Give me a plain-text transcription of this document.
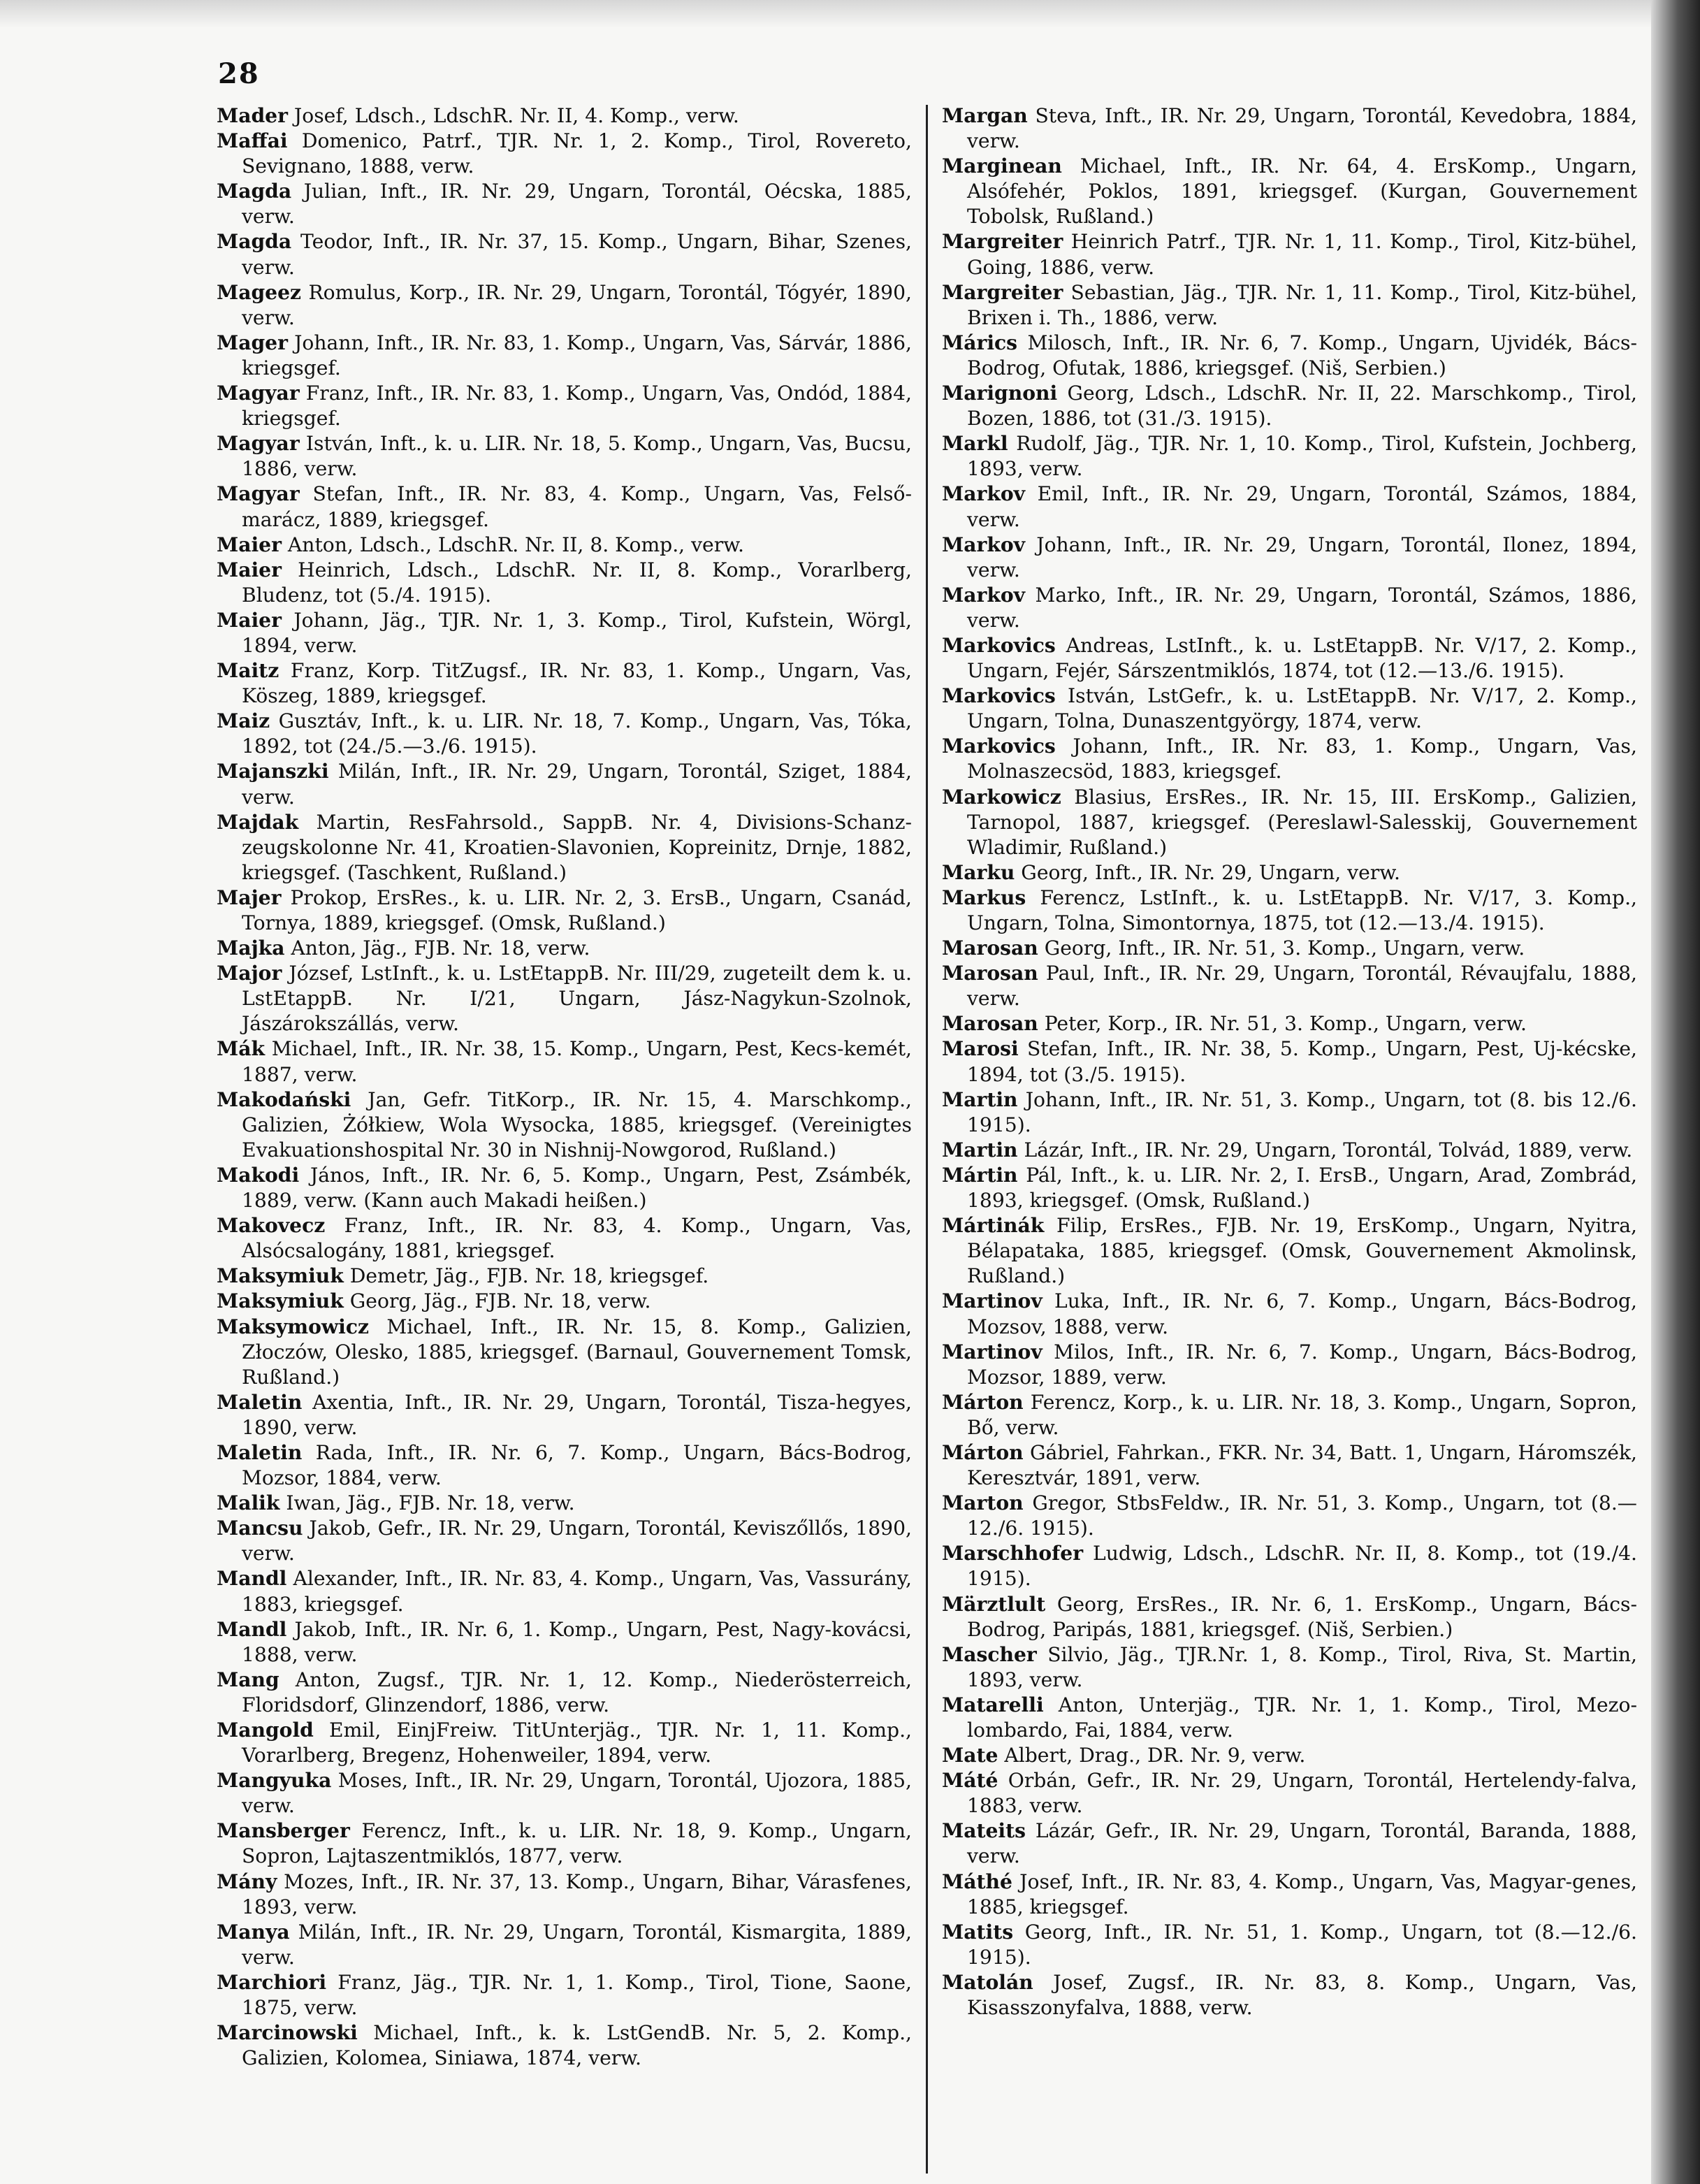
28
Mader Josef, Ldsch., LdschR. Nr. II, 4. Komp., verw.
Maffai Domenico, Patrf., TJR. Nr. 1, 2. Komp., Tirol, Rovereto, Sevignano, 1888, verw.
Magda Julian, Inft., IR. Nr. 29, Ungarn, Torontál, Oécska, 1885, verw.
Magda Teodor, Inft., IR. Nr. 37, 15. Komp., Ungarn, Bihar, Szenes, verw.
Mageez Romulus, Korp., IR. Nr. 29, Ungarn, Torontál, Tógyér, 1890, verw.
Mager Johann, Inft., IR. Nr. 83, 1. Komp., Ungarn, Vas, Sárvár, 1886, kriegsgef.
Magyar Franz, Inft., IR. Nr. 83, 1. Komp., Ungarn, Vas, Ondód, 1884, kriegsgef.
Magyar István, Inft., k. u. LIR. Nr. 18, 5. Komp., Ungarn, Vas, Bucsu, 1886, verw.
Magyar Stefan, Inft., IR. Nr. 83, 4. Komp., Ungarn, Vas, Felső-marácz, 1889, kriegsgef.
Maier Anton, Ldsch., LdschR. Nr. II, 8. Komp., verw.
Maier Heinrich, Ldsch., LdschR. Nr. II, 8. Komp., Vorarlberg, Bludenz, tot (5./4. 1915).
Maier Johann, Jäg., TJR. Nr. 1, 3. Komp., Tirol, Kufstein, Wörgl, 1894, verw.
Maitz Franz, Korp. TitZugsf., IR. Nr. 83, 1. Komp., Ungarn, Vas, Köszeg, 1889, kriegsgef.
Maiz Gusztáv, Inft., k. u. LIR. Nr. 18, 7. Komp., Ungarn, Vas, Tóka, 1892, tot (24./5.—3./6. 1915).
Majanszki Milán, Inft., IR. Nr. 29, Ungarn, Torontál, Sziget, 1884, verw.
Majdak Martin, ResFahrsold., SappB. Nr. 4, Divisions-Schanz-zeugskolonne Nr. 41, Kroatien-Slavonien, Kopreinitz, Drnje, 1882, kriegsgef. (Taschkent, Rußland.)
Majer Prokop, ErsRes., k. u. LIR. Nr. 2, 3. ErsB., Ungarn, Csanád, Tornya, 1889, kriegsgef. (Omsk, Rußland.)
Majka Anton, Jäg., FJB. Nr. 18, verw.
Major József, LstInft., k. u. LstEtappB. Nr. III/29, zugeteilt dem k. u. LstEtappB. Nr. I/21, Ungarn, Jász-Nagykun-Szolnok, Jászárokszállás, verw.
Mák Michael, Inft., IR. Nr. 38, 15. Komp., Ungarn, Pest, Kecs-kemét, 1887, verw.
Makodański Jan, Gefr. TitKorp., IR. Nr. 15, 4. Marschkomp., Galizien, Żółkiew, Wola Wysocka, 1885, kriegsgef. (Vereinigtes Evakuationshospital Nr. 30 in Nishnij-Nowgorod, Rußland.)
Makodi János, Inft., IR. Nr. 6, 5. Komp., Ungarn, Pest, Zsámbék, 1889, verw. (Kann auch Makadi heißen.)
Makovecz Franz, Inft., IR. Nr. 83, 4. Komp., Ungarn, Vas, Alsócsalogány, 1881, kriegsgef.
Maksymiuk Demetr, Jäg., FJB. Nr. 18, kriegsgef.
Maksymiuk Georg, Jäg., FJB. Nr. 18, verw.
Maksymowicz Michael, Inft., IR. Nr. 15, 8. Komp., Galizien, Złoczów, Olesko, 1885, kriegsgef. (Barnaul, Gouvernement Tomsk, Rußland.)
Maletin Axentia, Inft., IR. Nr. 29, Ungarn, Torontál, Tisza-hegyes, 1890, verw.
Maletin Rada, Inft., IR. Nr. 6, 7. Komp., Ungarn, Bács-Bodrog, Mozsor, 1884, verw.
Malik Iwan, Jäg., FJB. Nr. 18, verw.
Mancsu Jakob, Gefr., IR. Nr. 29, Ungarn, Torontál, Keviszőllős, 1890, verw.
Mandl Alexander, Inft., IR. Nr. 83, 4. Komp., Ungarn, Vas, Vassurány, 1883, kriegsgef.
Mandl Jakob, Inft., IR. Nr. 6, 1. Komp., Ungarn, Pest, Nagy-kovácsi, 1888, verw.
Mang Anton, Zugsf., TJR. Nr. 1, 12. Komp., Niederösterreich, Floridsdorf, Glinzendorf, 1886, verw.
Mangold Emil, EinjFreiw. TitUnterjäg., TJR. Nr. 1, 11. Komp., Vorarlberg, Bregenz, Hohenweiler, 1894, verw.
Mangyuka Moses, Inft., IR. Nr. 29, Ungarn, Torontál, Ujozora, 1885, verw.
Mansberger Ferencz, Inft., k. u. LIR. Nr. 18, 9. Komp., Ungarn, Sopron, Lajtaszentmiklós, 1877, verw.
Mány Mozes, Inft., IR. Nr. 37, 13. Komp., Ungarn, Bihar, Várasfenes, 1893, verw.
Manya Milán, Inft., IR. Nr. 29, Ungarn, Torontál, Kismargita, 1889, verw.
Marchiori Franz, Jäg., TJR. Nr. 1, 1. Komp., Tirol, Tione, Saone, 1875, verw.
Marcinowski Michael, Inft., k. k. LstGendB. Nr. 5, 2. Komp., Galizien, Kolomea, Siniawa, 1874, verw.
Margan Steva, Inft., IR. Nr. 29, Ungarn, Torontál, Kevedobra, 1884, verw.
Marginean Michael, Inft., IR. Nr. 64, 4. ErsKomp., Ungarn, Alsófehér, Poklos, 1891, kriegsgef. (Kurgan, Gouvernement Tobolsk, Rußland.)
Margreiter Heinrich Patrf., TJR. Nr. 1, 11. Komp., Tirol, Kitz-bühel, Going, 1886, verw.
Margreiter Sebastian, Jäg., TJR. Nr. 1, 11. Komp., Tirol, Kitz-bühel, Brixen i. Th., 1886, verw.
Márics Milosch, Inft., IR. Nr. 6, 7. Komp., Ungarn, Ujvidék, Bács-Bodrog, Ofutak, 1886, kriegsgef. (Niš, Serbien.)
Marignoni Georg, Ldsch., LdschR. Nr. II, 22. Marschkomp., Tirol, Bozen, 1886, tot (31./3. 1915).
Markl Rudolf, Jäg., TJR. Nr. 1, 10. Komp., Tirol, Kufstein, Jochberg, 1893, verw.
Markov Emil, Inft., IR. Nr. 29, Ungarn, Torontál, Számos, 1884, verw.
Markov Johann, Inft., IR. Nr. 29, Ungarn, Torontál, Ilonez, 1894, verw.
Markov Marko, Inft., IR. Nr. 29, Ungarn, Torontál, Számos, 1886, verw.
Markovics Andreas, LstInft., k. u. LstEtappB. Nr. V/17, 2. Komp., Ungarn, Fejér, Sárszentmiklós, 1874, tot (12.—13./6. 1915).
Markovics István, LstGefr., k. u. LstEtappB. Nr. V/17, 2. Komp., Ungarn, Tolna, Dunaszentgyörgy, 1874, verw.
Markovics Johann, Inft., IR. Nr. 83, 1. Komp., Ungarn, Vas, Molnaszecsöd, 1883, kriegsgef.
Markowicz Blasius, ErsRes., IR. Nr. 15, III. ErsKomp., Galizien, Tarnopol, 1887, kriegsgef. (Pereslawl-Salesskij, Gouvernement Wladimir, Rußland.)
Marku Georg, Inft., IR. Nr. 29, Ungarn, verw.
Markus Ferencz, LstInft., k. u. LstEtappB. Nr. V/17, 3. Komp., Ungarn, Tolna, Simontornya, 1875, tot (12.—13./4. 1915).
Marosan Georg, Inft., IR. Nr. 51, 3. Komp., Ungarn, verw.
Marosan Paul, Inft., IR. Nr. 29, Ungarn, Torontál, Révaujfalu, 1888, verw.
Marosan Peter, Korp., IR. Nr. 51, 3. Komp., Ungarn, verw.
Marosi Stefan, Inft., IR. Nr. 38, 5. Komp., Ungarn, Pest, Uj-kécske, 1894, tot (3./5. 1915).
Martin Johann, Inft., IR. Nr. 51, 3. Komp., Ungarn, tot (8. bis 12./6. 1915).
Martin Lázár, Inft., IR. Nr. 29, Ungarn, Torontál, Tolvád, 1889, verw.
Mártin Pál, Inft., k. u. LIR. Nr. 2, I. ErsB., Ungarn, Arad, Zombrád, 1893, kriegsgef. (Omsk, Rußland.)
Mártinák Filip, ErsRes., FJB. Nr. 19, ErsKomp., Ungarn, Nyitra, Bélapataka, 1885, kriegsgef. (Omsk, Gouvernement Akmolinsk, Rußland.)
Martinov Luka, Inft., IR. Nr. 6, 7. Komp., Ungarn, Bács-Bodrog, Mozsov, 1888, verw.
Martinov Milos, Inft., IR. Nr. 6, 7. Komp., Ungarn, Bács-Bodrog, Mozsor, 1889, verw.
Márton Ferencz, Korp., k. u. LIR. Nr. 18, 3. Komp., Ungarn, Sopron, Bő, verw.
Márton Gábriel, Fahrkan., FKR. Nr. 34, Batt. 1, Ungarn, Háromszék, Keresztvár, 1891, verw.
Marton Gregor, StbsFeldw., IR. Nr. 51, 3. Komp., Ungarn, tot (8.—12./6. 1915).
Marschhofer Ludwig, Ldsch., LdschR. Nr. II, 8. Komp., tot (19./4. 1915).
Märztlult Georg, ErsRes., IR. Nr. 6, 1. ErsKomp., Ungarn, Bács-Bodrog, Paripás, 1881, kriegsgef. (Niš, Serbien.)
Mascher Silvio, Jäg., TJR.Nr. 1, 8. Komp., Tirol, Riva, St. Martin, 1893, verw.
Matarelli Anton, Unterjäg., TJR. Nr. 1, 1. Komp., Tirol, Mezo-lombardo, Fai, 1884, verw.
Mate Albert, Drag., DR. Nr. 9, verw.
Máté Orbán, Gefr., IR. Nr. 29, Ungarn, Torontál, Hertelendy-falva, 1883, verw.
Mateits Lázár, Gefr., IR. Nr. 29, Ungarn, Torontál, Baranda, 1888, verw.
Máthé Josef, Inft., IR. Nr. 83, 4. Komp., Ungarn, Vas, Magyar-genes, 1885, kriegsgef.
Matits Georg, Inft., IR. Nr. 51, 1. Komp., Ungarn, tot (8.—12./6. 1915).
Matolán Josef, Zugsf., IR. Nr. 83, 8. Komp., Ungarn, Vas, Kisasszonyfalva, 1888, verw.
